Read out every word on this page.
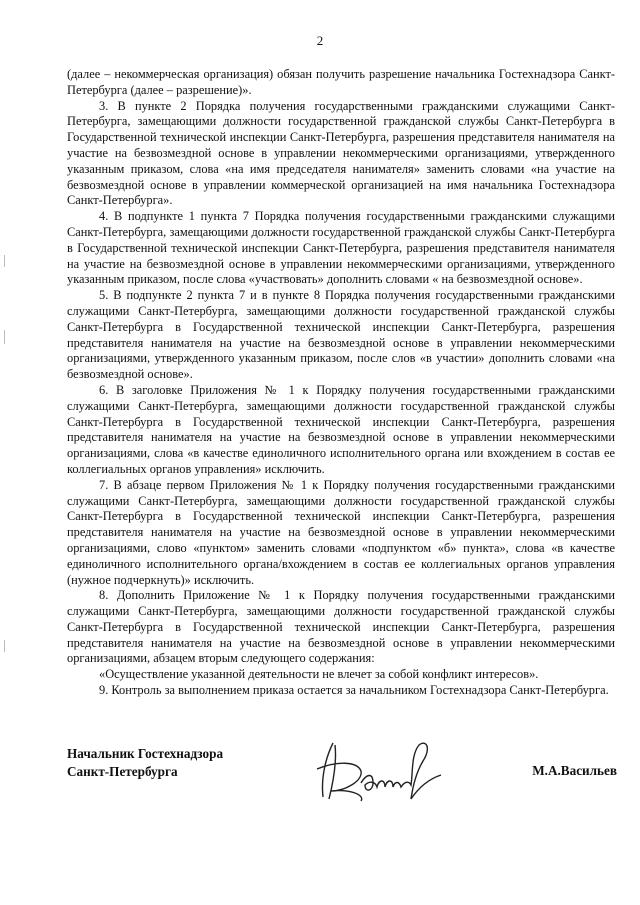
2

(далее – некоммерческая организация) обязан получить разрешение начальника Гостехнадзора Санкт-Петербурга (далее – разрешение)».

3. В пункте 2 Порядка получения государственными гражданскими служащими Санкт-Петербурга, замещающими должности государственной гражданской службы Санкт-Петербурга в Государственной технической инспекции Санкт-Петербурга, разрешения представителя нанимателя на участие на безвозмездной основе в управлении некоммерческими организациями, утвержденного указанным приказом, слова «на имя председателя нанимателя» заменить словами «на участие на безвозмездной основе в управлении коммерческой организацией на имя начальника Гостехнадзора Санкт-Петербурга».

4. В подпункте 1 пункта 7 Порядка получения государственными гражданскими служащими Санкт-Петербурга, замещающими должности государственной гражданской службы Санкт-Петербурга в Государственной технической инспекции Санкт-Петербурга, разрешения представителя нанимателя на участие на безвозмездной основе в управлении некоммерческими организациями, утвержденного указанным приказом, после слова «участвовать» дополнить словами « на безвозмездной основе».

5. В подпункте 2 пункта 7 и в пункте 8 Порядка получения государственными гражданскими служащими Санкт-Петербурга, замещающими должности государственной гражданской службы Санкт-Петербурга в Государственной технической инспекции Санкт-Петербурга, разрешения представителя нанимателя на участие на безвозмездной основе в управлении некоммерческими организациями, утвержденного указанным приказом, после слов «в участии» дополнить словами «на безвозмездной основе».

6. В заголовке Приложения № 1 к Порядку получения государственными гражданскими служащими Санкт-Петербурга, замещающими должности государственной гражданской службы Санкт-Петербурга в Государственной технической инспекции Санкт-Петербурга, разрешения представителя нанимателя на участие на безвозмездной основе в управлении некоммерческими организациями, слова «в качестве единоличного исполнительного органа или вхождением в состав ее коллегиальных органов управления» исключить.

7. В абзаце первом Приложения № 1 к Порядку получения государственными гражданскими служащими Санкт-Петербурга, замещающими должности государственной гражданской службы Санкт-Петербурга в Государственной технической инспекции Санкт-Петербурга, разрешения представителя нанимателя на участие на безвозмездной основе в управлении некоммерческими организациями, слово «пунктом» заменить словами «подпунктом «б» пункта», слова «в качестве единоличного исполнительного органа/вхождением в состав ее коллегиальных органов управления (нужное подчеркнуть)» исключить.

8. Дополнить Приложение № 1 к Порядку получения государственными гражданскими служащими Санкт-Петербурга, замещающими должности государственной гражданской службы Санкт-Петербурга в Государственной технической инспекции Санкт-Петербурга, разрешения представителя нанимателя на участие на безвозмездной основе в управлении некоммерческими организациями, абзацем вторым следующего содержания:

«Осуществление указанной деятельности не влечет за собой конфликт интересов».

9. Контроль за выполнением приказа остается за начальником Гостехнадзора Санкт-Петербурга.

Начальник Гостехнадзора
Санкт-Петербурга	М.А.Васильев
